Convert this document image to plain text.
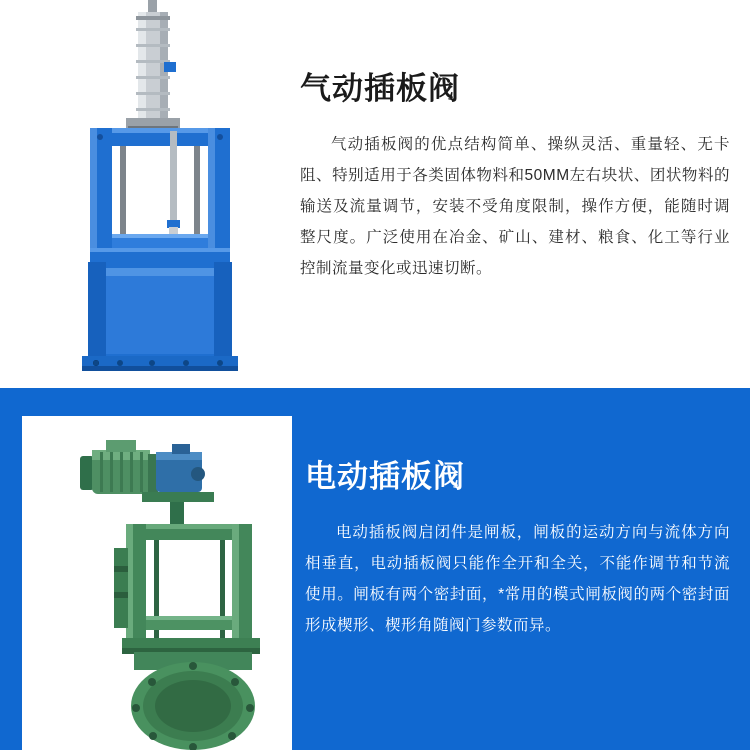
气动插板阀

气动插板阀的优点结构简单、操纵灵活、重量轻、无卡阻、特别适用于各类固体物料和50MM左右块状、团状物料的输送及流量调节，安装不受角度限制，操作方便，能随时调整尺度。广泛使用在冶金、矿山、建材、粮食、化工等行业控制流量变化或迅速切断。

电动插板阀

电动插板阀启闭件是闸板，闸板的运动方向与流体方向相垂直，电动插板阀只能作全开和全关，不能作调节和节流使用。闸板有两个密封面，*常用的模式闸板阀的两个密封面形成楔形、楔形角随阀门参数而异。
